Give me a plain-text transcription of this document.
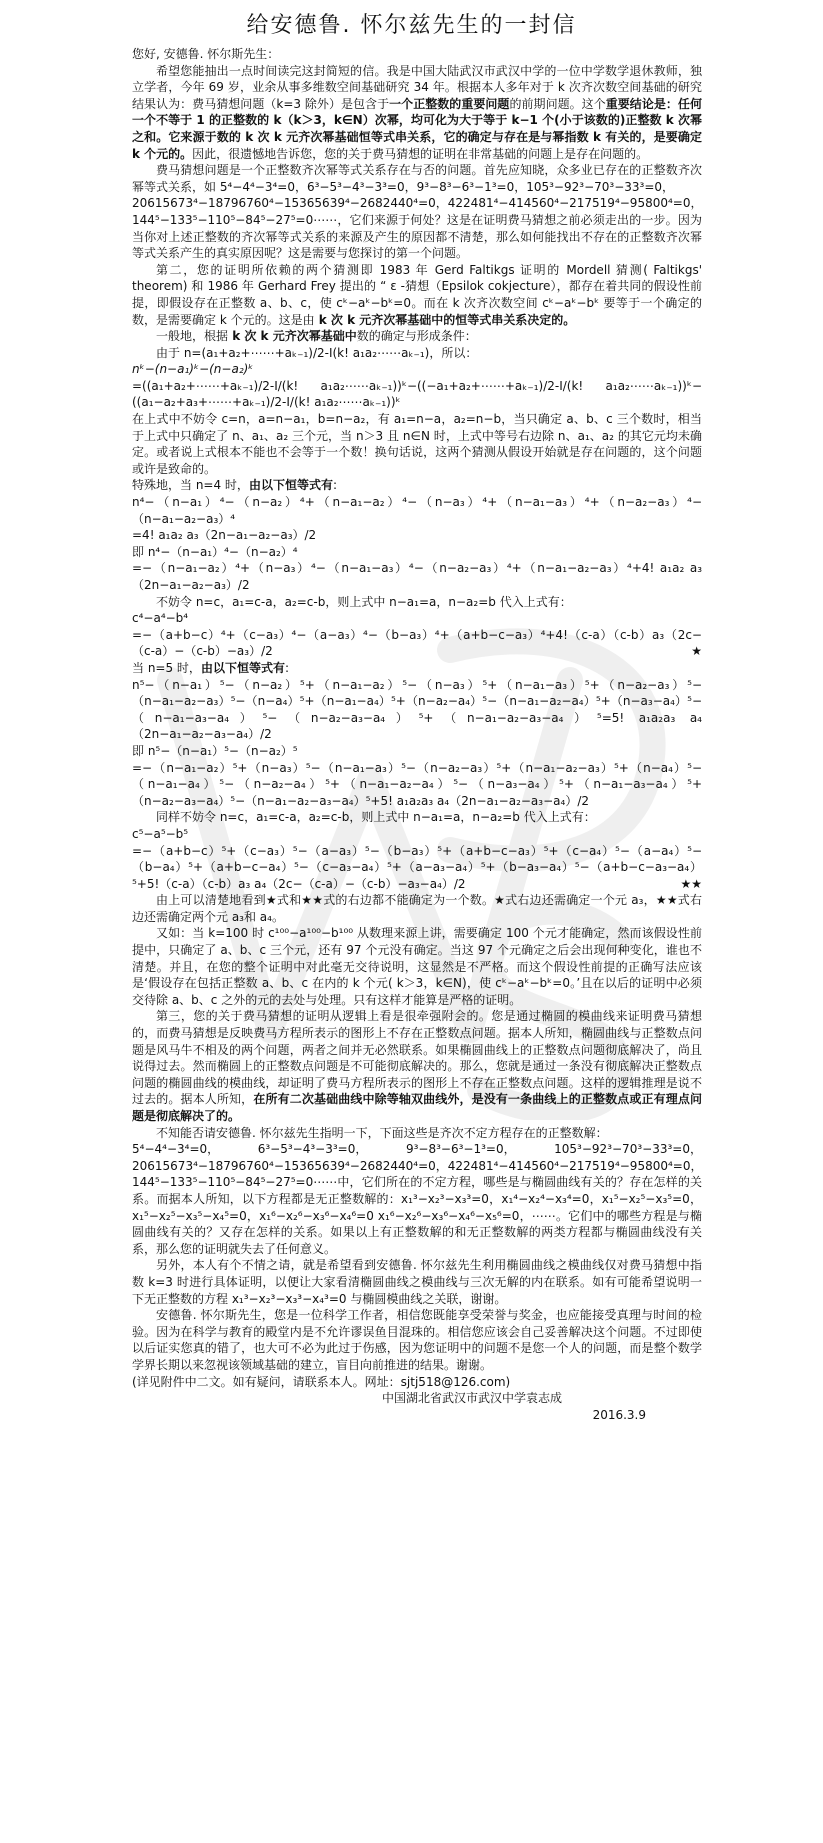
给安德鲁. 怀尔兹先生的一封信

您好, 安德鲁. 怀尔斯先生：

希望您能抽出一点时间读完这封简短的信。我是中国大陆武汉市武汉中学的一位中学数学退休教师，独立学者，今年 69 岁，业余从事多维数空间基础研究 34 年。根据本人多年对于 k 次齐次数空间基础的研究结果认为：费马猜想问题（k=3 除外）是包含于一个正整数的重要问题的前期问题。这个重要结论是：任何一个不等于 1 的正整数的 k（k＞3，k∈N）次幂，均可化为大于等于 k−1 个(小于该数的)正整数 k 次幂之和。它来源于数的 k 次 k 元齐次幂基础恒等式串关系，它的确定与存在是与幂指数 k 有关的，是要确定 k 个元的。因此，很遗憾地告诉您，您的关于费马猜想的证明在非常基础的问题上是存在问题的。

费马猜想问题是一个正整数齐次幂等式关系存在与否的问题。首先应知晓，众多业已存在的正整数齐次幂等式关系，如 5⁴−4⁴−3⁴=0，6³−5³−4³−3³=0，9³−8³−6³−1³=0，105³−92³−70³−33³=0，

20615673⁴−18796760⁴−15365639⁴−2682440⁴=0， 422481⁴−414560⁴−217519⁴−95800⁴=0，

144⁵−133⁵−110⁵−84⁵−27⁵=0⋯⋯，它们来源于何处？这是在证明费马猜想之前必须走出的一步。因为当你对上述正整数的齐次幂等式关系的来源及产生的原因都不清楚，那么如何能找出不存在的正整数齐次幂等式关系产生的真实原因呢？这是需要与您探讨的第一个问题。

第二，您的证明所依赖的两个猜测即 1983 年 Gerd Faltikgs 证明的 Mordell 猜测( Faltikgs' theorem) 和 1986 年 Gerhard Frey 提出的 “ ε -猜想（Epsilok cokjecture），都存在着共同的假设性前提，即假设存在正整数 a、b、c，使 cᵏ−aᵏ−bᵏ=0。而在 k 次齐次数空间 cᵏ−aᵏ−bᵏ 要等于一个确定的数，是需要确定 k 个元的。这是由 k 次 k 元齐次幂基础中的恒等式串关系决定的。

一般地，根据 k 次 k 元齐次幂基础中数的确定与形成条件：

由于 n=(a₁+a₂+⋯⋯+aₖ₋₁)/2-I(k! a₁a₂⋯⋯aₖ₋₁)，所以：

nᵏ−(n−a₁)ᵏ−(n−a₂)ᵏ

=((a₁+a₂+⋯⋯+aₖ₋₁)/2-I/(k! a₁a₂⋯⋯aₖ₋₁))ᵏ−((−a₁+a₂+⋯⋯+aₖ₋₁)/2-I/(k! a₁a₂⋯⋯aₖ₋₁))ᵏ−((a₁−a₂+a₃+⋯⋯+aₖ₋₁)/2-I/(k! a₁a₂⋯⋯aₖ₋₁))ᵏ

在上式中不妨令 c=n，a=n−a₁，b=n−a₂，有 a₁=n−a，a₂=n−b，当只确定 a、b、c 三个数时，相当于上式中只确定了 n、a₁、a₂ 三个元，当 n＞3 且 n∈N 时，上式中等号右边除 n、a₁、a₂ 的其它元均未确定。或者说上式根本不能也不会等于一个数！换句话说，这两个猜测从假设开始就是存在问题的，这个问题或许是致命的。

特殊地，当 n=4 时，由以下恒等式有:

n⁴−（n−a₁）⁴−（n−a₂）⁴+（n−a₁−a₂）⁴−（n−a₃）⁴+（n−a₁−a₃）⁴+（n−a₂−a₃）⁴−（n−a₁−a₂−a₃）⁴

=4! a₁a₂ a₃（2n−a₁−a₂−a₃）/2

即 n⁴−（n−a₁）⁴−（n−a₂）⁴

=−（n−a₁−a₂）⁴+（n−a₃）⁴−（n−a₁−a₃）⁴−（n−a₂−a₃）⁴+（n−a₁−a₂−a₃）⁴+4! a₁a₂ a₃（2n−a₁−a₂−a₃）/2

不妨令 n=c，a₁=c-a，a₂=c-b，则上式中 n−a₁=a，n−a₂=b 代入上式有：

c⁴−a⁴−b⁴

=−（a+b−c）⁴+（c−a₃）⁴−（a−a₃）⁴−（b−a₃）⁴+（a+b−c−a₃）⁴+4!（c-a）（c-b）a₃（2c−（c-a）−（c-b）−a₃）/2	★

当 n=5 时，由以下恒等式有:

n⁵−（n−a₁）⁵−（n−a₂）⁵+（n−a₁−a₂）⁵−（n−a₃）⁵+（n−a₁−a₃）⁵+（n−a₂−a₃）⁵−（n−a₁−a₂−a₃）⁵−（n−a₄）⁵+（n−a₁−a₄）⁵+（n−a₂−a₄）⁵−（n−a₁−a₂−a₄）⁵+（n−a₃−a₄）⁵−（n−a₁−a₃−a₄）⁵−（n−a₂−a₃−a₄）⁵+（n−a₁−a₂−a₃−a₄）⁵=5! a₁a₂a₃ a₄（2n−a₁−a₂−a₃−a₄）/2

即 n⁵−（n−a₁）⁵−（n−a₂）⁵

=−（n−a₁−a₂）⁵+（n−a₃）⁵−（n−a₁−a₃）⁵−（n−a₂−a₃）⁵+（n−a₁−a₂−a₃）⁵+（n−a₄）⁵−（n−a₁−a₄）⁵−（n−a₂−a₄）⁵+（n−a₁−a₂−a₄）⁵−（n−a₃−a₄）⁵+（n−a₁−a₃−a₄）⁵+（n−a₂−a₃−a₄）⁵−（n−a₁−a₂−a₃−a₄）⁵+5! a₁a₂a₃ a₄（2n−a₁−a₂−a₃−a₄）/2

同样不妨令 n=c，a₁=c-a，a₂=c-b，则上式中 n−a₁=a，n−a₂=b 代入上式有：

c⁵−a⁵−b⁵

=−（a+b−c）⁵+（c−a₃）⁵−（a−a₃）⁵−（b−a₃）⁵+（a+b−c−a₃）⁵+（c−a₄）⁵−（a−a₄）⁵−（b−a₄）⁵+（a+b−c−a₄）⁵−（c−a₃−a₄）⁵+（a−a₃−a₄）⁵+（b−a₃−a₄）⁵−（a+b−c−a₃−a₄）⁵+5!（c-a）（c-b）a₃ a₄（2c−（c-a）−（c-b）−a₃−a₄）/2	★★

由上可以清楚地看到★式和★★式的右边都不能确定为一个数。★式右边还需确定一个元 a₃，★★式右边还需确定两个元 a₃和 a₄。

又如：当 k=100 时 c¹⁰⁰−a¹⁰⁰−b¹⁰⁰ 从数理来源上讲，需要确定 100 个元才能确定，然而该假设性前提中，只确定了 a、b、c 三个元，还有 97 个元没有确定。当这 97 个元确定之后会出现何种变化，谁也不清楚。并且，在您的整个证明中对此毫无交待说明，这显然是不严格。而这个假设性前提的正确写法应该是‘假设存在包括正整数 a、b、c 在内的 k 个元( k＞3，k∈N)，使 cᵏ−aᵏ−bᵏ=0。’且在以后的证明中必须交待除 a、b、c 之外的元的去处与处理。只有这样才能算是严格的证明。

第三，您的关于费马猜想的证明从逻辑上看是很牵强附会的。您是通过椭圆的模曲线来证明费马猜想的，而费马猜想是反映费马方程所表示的图形上不存在正整数点问题。据本人所知，椭圆曲线与正整数点问题是风马牛不相及的两个问题，两者之间并无必然联系。如果椭圆曲线上的正整数点问题彻底解决了，尚且说得过去。然而椭圆上的正整数点问题是不可能彻底解决的。那么，您就是通过一条没有彻底解决正整数点问题的椭圆曲线的模曲线，却证明了费马方程所表示的图形上不存在正整数点问题。这样的逻辑推理是说不过去的。据本人所知，在所有二次基础曲线中除等轴双曲线外，是没有一条曲线上的正整数点或正有理点问题是彻底解决了的。

不知能否请安德鲁. 怀尔兹先生指明一下，下面这些是齐次不定方程存在的正整数解：

5⁴−4⁴−3⁴=0，	6³−5³−4³−3³=0，	9³−8³−6³−1³=0，	105³−92³−70³−33³=0，

20615673⁴−18796760⁴−15365639⁴−2682440⁴=0， 422481⁴−414560⁴−217519⁴−95800⁴=0，

144⁵−133⁵−110⁵−84⁵−27⁵=0⋯⋯中，它们所在的不定方程，哪些是与椭圆曲线有关的？存在怎样的关系。而据本人所知，以下方程都是无正整数解的：x₁³−x₂³−x₃³=0，x₁⁴−x₂⁴−x₃⁴=0，x₁⁵−x₂⁵−x₃⁵=0，x₁⁵−x₂⁵−x₃⁵−x₄⁵=0，x₁⁶−x₂⁶−x₃⁶−x₄⁶=0 x₁⁶−x₂⁶−x₃⁶−x₄⁶−x₅⁶=0，⋯⋯。它们中的哪些方程是与椭圆曲线有关的？又存在怎样的关系。如果以上有正整数解的和无正整数解的两类方程都与椭圆曲线没有关系，那么您的证明就失去了任何意义。

另外，本人有个不情之请，就是希望看到安德鲁. 怀尔兹先生利用椭圆曲线之模曲线仅对费马猜想中指数 k=3 时进行具体证明，以便让大家看清椭圆曲线之模曲线与三次无解的内在联系。如有可能希望说明一下无正整数的方程 x₁³−x₂³−x₃³−x₄³=0 与椭圆模曲线之关联，谢谢。

安德鲁. 怀尔斯先生，您是一位科学工作者，相信您既能享受荣誉与奖金，也应能接受真理与时间的检验。因为在科学与教育的殿堂内是不允许谬误鱼目混珠的。相信您应该会自己妥善解决这个问题。不过即使以后证实您真的错了，也大可不必为此过于伤感，因为您证明中的问题不是您一个人的问题，而是整个数学学界长期以来忽视该领域基础的建立，盲目向前推进的结果。谢谢。

(详见附件中二文。如有疑问，请联系本人。网址：sjtj518@126.com)

中国湖北省武汉市武汉中学袁志成

2016.3.9
